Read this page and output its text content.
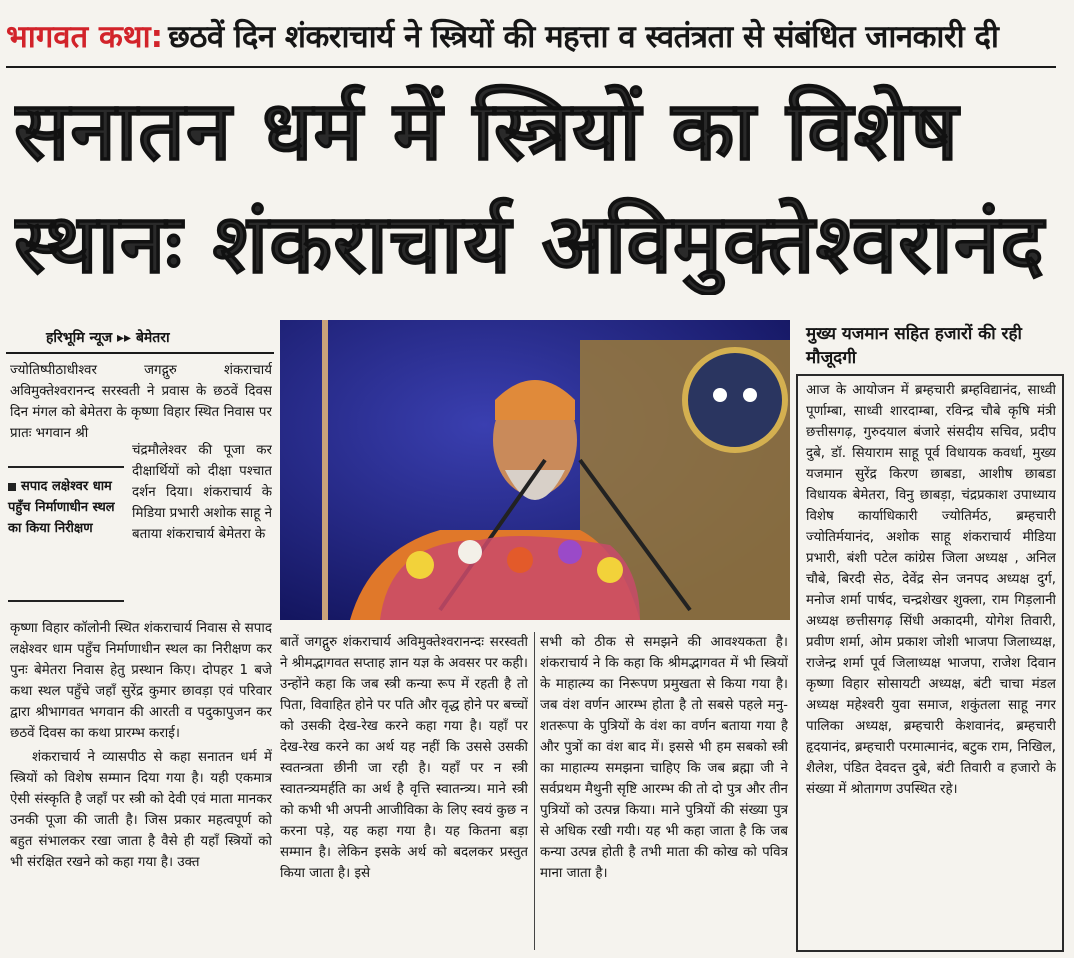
भागवत कथा: छठवें दिन शंकराचार्य ने स्त्रियों की महत्ता व स्वतंत्रता से संबंधित जानकारी दी
सनातन धर्म में स्त्रियों का विशेष
स्थानः शंकराचार्य अविमुक्तेश्वरानंद
हरिभूमि न्यूज ▸▸ बेमेतरा

ज्योतिष्पीठाधीश्वर जगद्गुरु शंकराचार्य अविमुक्तेश्वरानन्द सरस्वती ने प्रवास के छठवें दिवस दिन मंगल को बेमेतरा के कृष्णा विहार स्थित निवास पर प्रातः भगवान श्री

सपाद लक्षेश्वर धाम पहुँच निर्माणाधीन स्थल का किया निरीक्षण

चंद्रमौलेश्वर की पूजा कर दीक्षार्थियों को दीक्षा पश्चात दर्शन दिया। शंकराचार्य के मिडिया प्रभारी अशोक साहू ने बताया शंकराचार्य बेमेतरा के

कृष्णा विहार कॉलोनी स्थित शंकराचार्य निवास से सपाद लक्षेश्वर धाम पहुँच निर्माणाधीन स्थल का निरीक्षण कर पुनः बेमेतरा निवास हेतु प्रस्थान किए। दोपहर 1 बजे कथा स्थल पहुँचे जहाँ सुरेंद्र कुमार छावड़ा एवं परिवार द्वारा श्रीभागवत भगवान की आरती व पदुकापुजन कर छठवें दिवस का कथा प्रारम्भ कराई।

शंकराचार्य ने व्यासपीठ से कहा सनातन धर्म में स्त्रियों को विशेष सम्मान दिया गया है। यही एकमात्र ऐसी संस्कृति है जहाँ पर स्त्री को देवी एवं माता मानकर उनकी पूजा की जाती है। जिस प्रकार महत्वपूर्ण को बहुत संभालकर रखा जाता है वैसे ही यहाँ स्त्रियों को भी संरक्षित रखने को कहा गया है। उक्त

बातें जगद्गुरु शंकराचार्य अविमुक्तेश्वरानन्दः सरस्वती ने श्रीमद्भागवत सप्ताह ज्ञान यज्ञ के अवसर पर कही। उन्होंने कहा कि जब स्त्री कन्या रूप में रहती है तो पिता, विवाहित होने पर पति और वृद्ध होने पर बच्चों को उसकी देख-रेख करने कहा गया है। यहाँ पर देख-रेख करने का अर्थ यह नहीं कि उससे उसकी स्वतन्त्रता छीनी जा रही है। यहाँ पर न स्त्री स्वातन्त्र्यमर्हति का अर्थ है वृत्ति स्वातन्त्र्य। माने स्त्री को कभी भी अपनी आजीविका के लिए स्वयं कुछ न करना पड़े, यह कहा गया है। यह कितना बड़ा सम्मान है। लेकिन इसके अर्थ को बदलकर प्रस्तुत किया जाता है। इसे

सभी को ठीक से समझने की आवश्यकता है। शंकराचार्य ने कि कहा कि श्रीमद्भागवत में भी स्त्रियों के माहात्म्य का निरूपण प्रमुखता से किया गया है। जब वंश वर्णन आरम्भ होता है तो सबसे पहले मनु-शतरूपा के पुत्रियों के वंश का वर्णन बताया गया है और पुत्रों का वंश बाद में। इससे भी हम सबको स्त्री का माहात्म्य समझना चाहिए कि जब ब्रह्मा जी ने सर्वप्रथम मैथुनी सृष्टि आरम्भ की तो दो पुत्र और तीन पुत्रियों को उत्पन्न किया। माने पुत्रियों की संख्या पुत्र से अधिक रखी गयी। यह भी कहा जाता है कि जब कन्या उत्पन्न होती है तभी माता की कोख को पवित्र माना जाता है।

मुख्य यजमान सहित हजारों की रही मौजूदगी
आज के आयोजन में ब्रम्हचारी ब्रम्हविद्यानंद, साध्वी पूर्णाम्बा, साध्वी शारदाम्बा, रविन्द्र चौबे कृषि मंत्री छत्तीसगढ़, गुरुदयाल बंजारे संसदीय सचिव, प्रदीप दुबे, डॉ. सियाराम साहू पूर्व विधायक कवर्धा, मुख्य यजमान सुरेंद्र किरण छाबडा, आशीष छाबडा विधायक बेमेतरा, विनु छाबड़ा, चंद्रप्रकाश उपाध्याय विशेष कार्याधिकारी ज्योतिर्मठ, ब्रम्हचारी ज्योतिर्मयानंद, अशोक साहू शंकराचार्य मीडिया प्रभारी, बंशी पटेल कांग्रेस जिला अध्यक्ष , अनिल चौबे, बिरदी सेठ, देवेंद्र सेन जनपद अध्यक्ष दुर्ग, मनोज शर्मा पार्षद, चन्द्रशेखर शुक्ला, राम गिड़लानी अध्यक्ष छत्तीसगढ़ सिंधी अकादमी, योगेश तिवारी, प्रवीण शर्मा, ओम प्रकाश जोशी भाजपा जिलाध्यक्ष, राजेन्द्र शर्मा पूर्व जिलाध्यक्ष भाजपा, राजेश दिवान कृष्णा विहार सोसायटी अध्यक्ष, बंटी चाचा मंडल अध्यक्ष महेश्वरी युवा समाज, शकुंतला साहू नगर पालिका अध्यक्ष, ब्रम्हचारी केशवानंद, ब्रम्हचारी हृदयानंद, ब्रम्हचारी परमात्मानंद, बटुक राम, निखिल, शैलेश, पंडित देवदत्त दुबे, बंटी तिवारी व हजारो के संख्या में श्रोतागण उपस्थित रहे।
